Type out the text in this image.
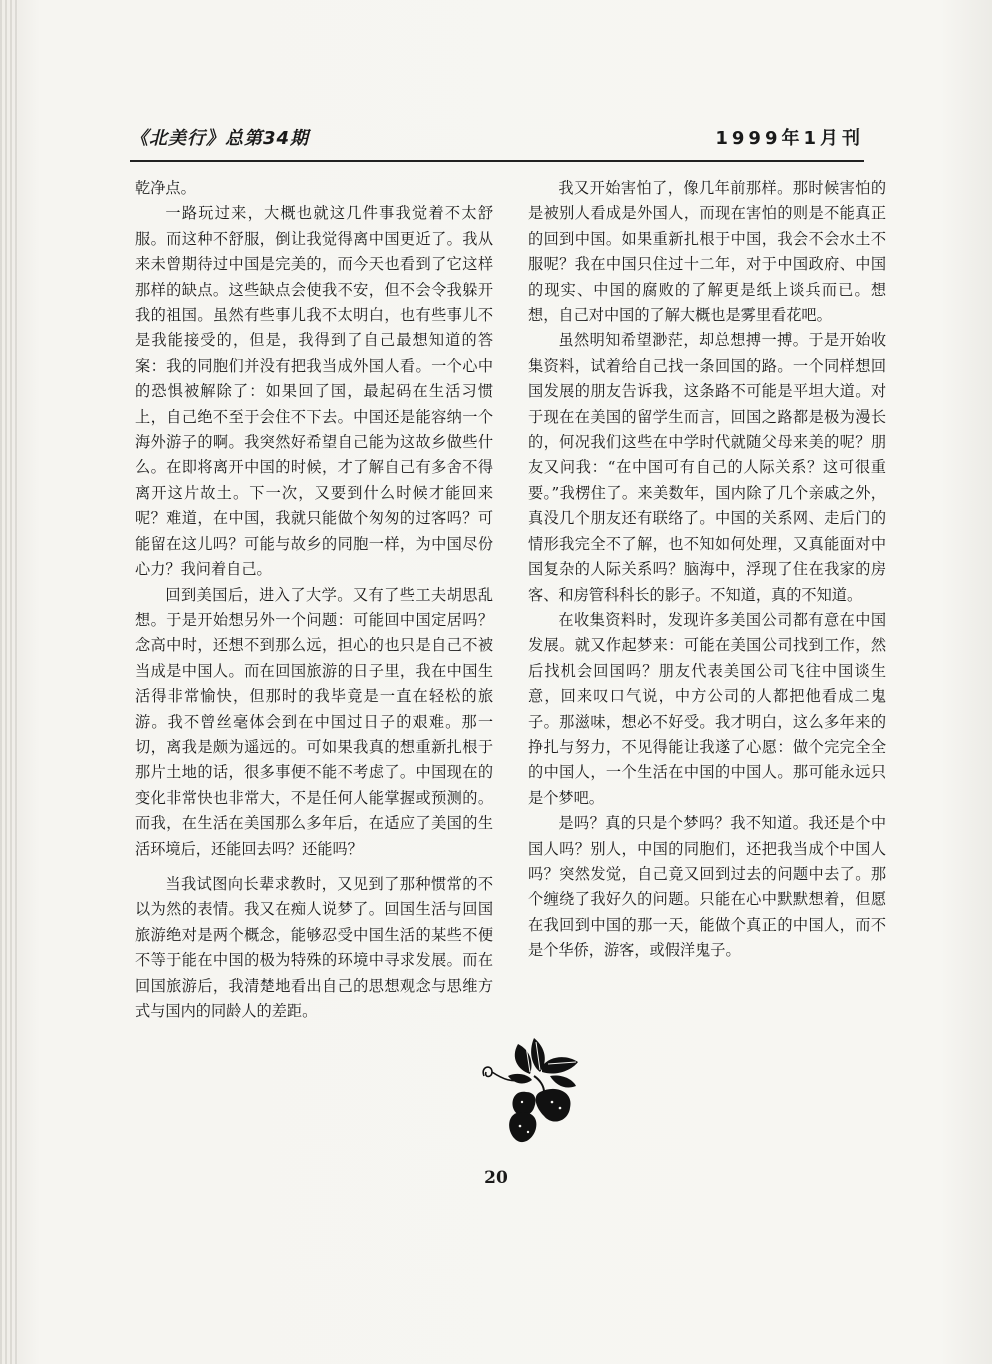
《北美行》总第34期	1999年1月刊

乾净点。

一路玩过来，大概也就这几件事我觉着不太舒服。而这种不舒服，倒让我觉得离中国更近了。我从来未曾期待过中国是完美的，而今天也看到了它这样那样的缺点。这些缺点会使我不安，但不会令我躲开我的祖国。虽然有些事儿我不太明白，也有些事儿不是我能接受的，但是，我得到了自己最想知道的答案：我的同胞们并没有把我当成外国人看。一个心中的恐惧被解除了：如果回了国，最起码在生活习惯上，自己绝不至于会住不下去。中国还是能容纳一个海外游子的啊。我突然好希望自己能为这故乡做些什么。在即将离开中国的时候，才了解自己有多舍不得离开这片故土。下一次，又要到什么时候才能回来呢？难道，在中国，我就只能做个匆匆的过客吗？可能留在这儿吗？可能与故乡的同胞一样，为中国尽份心力？我问着自己。

回到美国后，进入了大学。又有了些工夫胡思乱想。于是开始想另外一个问题：可能回中国定居吗？念高中时，还想不到那么远，担心的也只是自己不被当成是中国人。而在回国旅游的日子里，我在中国生活得非常愉快，但那时的我毕竟是一直在轻松的旅游。我不曾丝毫体会到在中国过日子的艰难。那一切，离我是颇为遥远的。可如果我真的想重新扎根于那片土地的话，很多事便不能不考虑了。中国现在的变化非常快也非常大，不是任何人能掌握或预测的。而我，在生活在美国那么多年后，在适应了美国的生活环境后，还能回去吗？还能吗？

当我试图向长辈求教时，又见到了那种惯常的不以为然的表情。我又在痴人说梦了。回国生活与回国旅游绝对是两个概念，能够忍受中国生活的某些不便不等于能在中国的极为特殊的环境中寻求发展。而在回国旅游后，我清楚地看出自己的思想观念与思维方式与国内的同龄人的差距。

我又开始害怕了，像几年前那样。那时候害怕的是被别人看成是外国人，而现在害怕的则是不能真正的回到中国。如果重新扎根于中国，我会不会水土不服呢？我在中国只住过十二年，对于中国政府、中国的现实、中国的腐败的了解更是纸上谈兵而已。想想，自己对中国的了解大概也是雾里看花吧。

虽然明知希望渺茫，却总想搏一搏。于是开始收集资料，试着给自己找一条回国的路。一个同样想回国发展的朋友告诉我，这条路不可能是平坦大道。对于现在在美国的留学生而言，回国之路都是极为漫长的，何况我们这些在中学时代就随父母来美的呢？朋友又问我：“在中国可有自己的人际关系？这可很重要。”我楞住了。来美数年，国内除了几个亲戚之外，真没几个朋友还有联络了。中国的关系网、走后门的情形我完全不了解，也不知如何处理，又真能面对中国复杂的人际关系吗？脑海中，浮现了住在我家的房客、和房管科科长的影子。不知道，真的不知道。

在收集资料时，发现许多美国公司都有意在中国发展。就又作起梦来：可能在美国公司找到工作，然后找机会回国吗？朋友代表美国公司飞往中国谈生意，回来叹口气说，中方公司的人都把他看成二鬼子。那滋味，想必不好受。我才明白，这么多年来的挣扎与努力，不见得能让我遂了心愿：做个完完全全的中国人，一个生活在中国的中国人。那可能永远只是个梦吧。

是吗？真的只是个梦吗？我不知道。我还是个中国人吗？别人，中国的同胞们，还把我当成个中国人吗？突然发觉，自己竟又回到过去的问题中去了。那个缠绕了我好久的问题。只能在心中默默想着，但愿在我回到中国的那一天，能做个真正的中国人，而不是个华侨，游客，或假洋鬼子。

20
